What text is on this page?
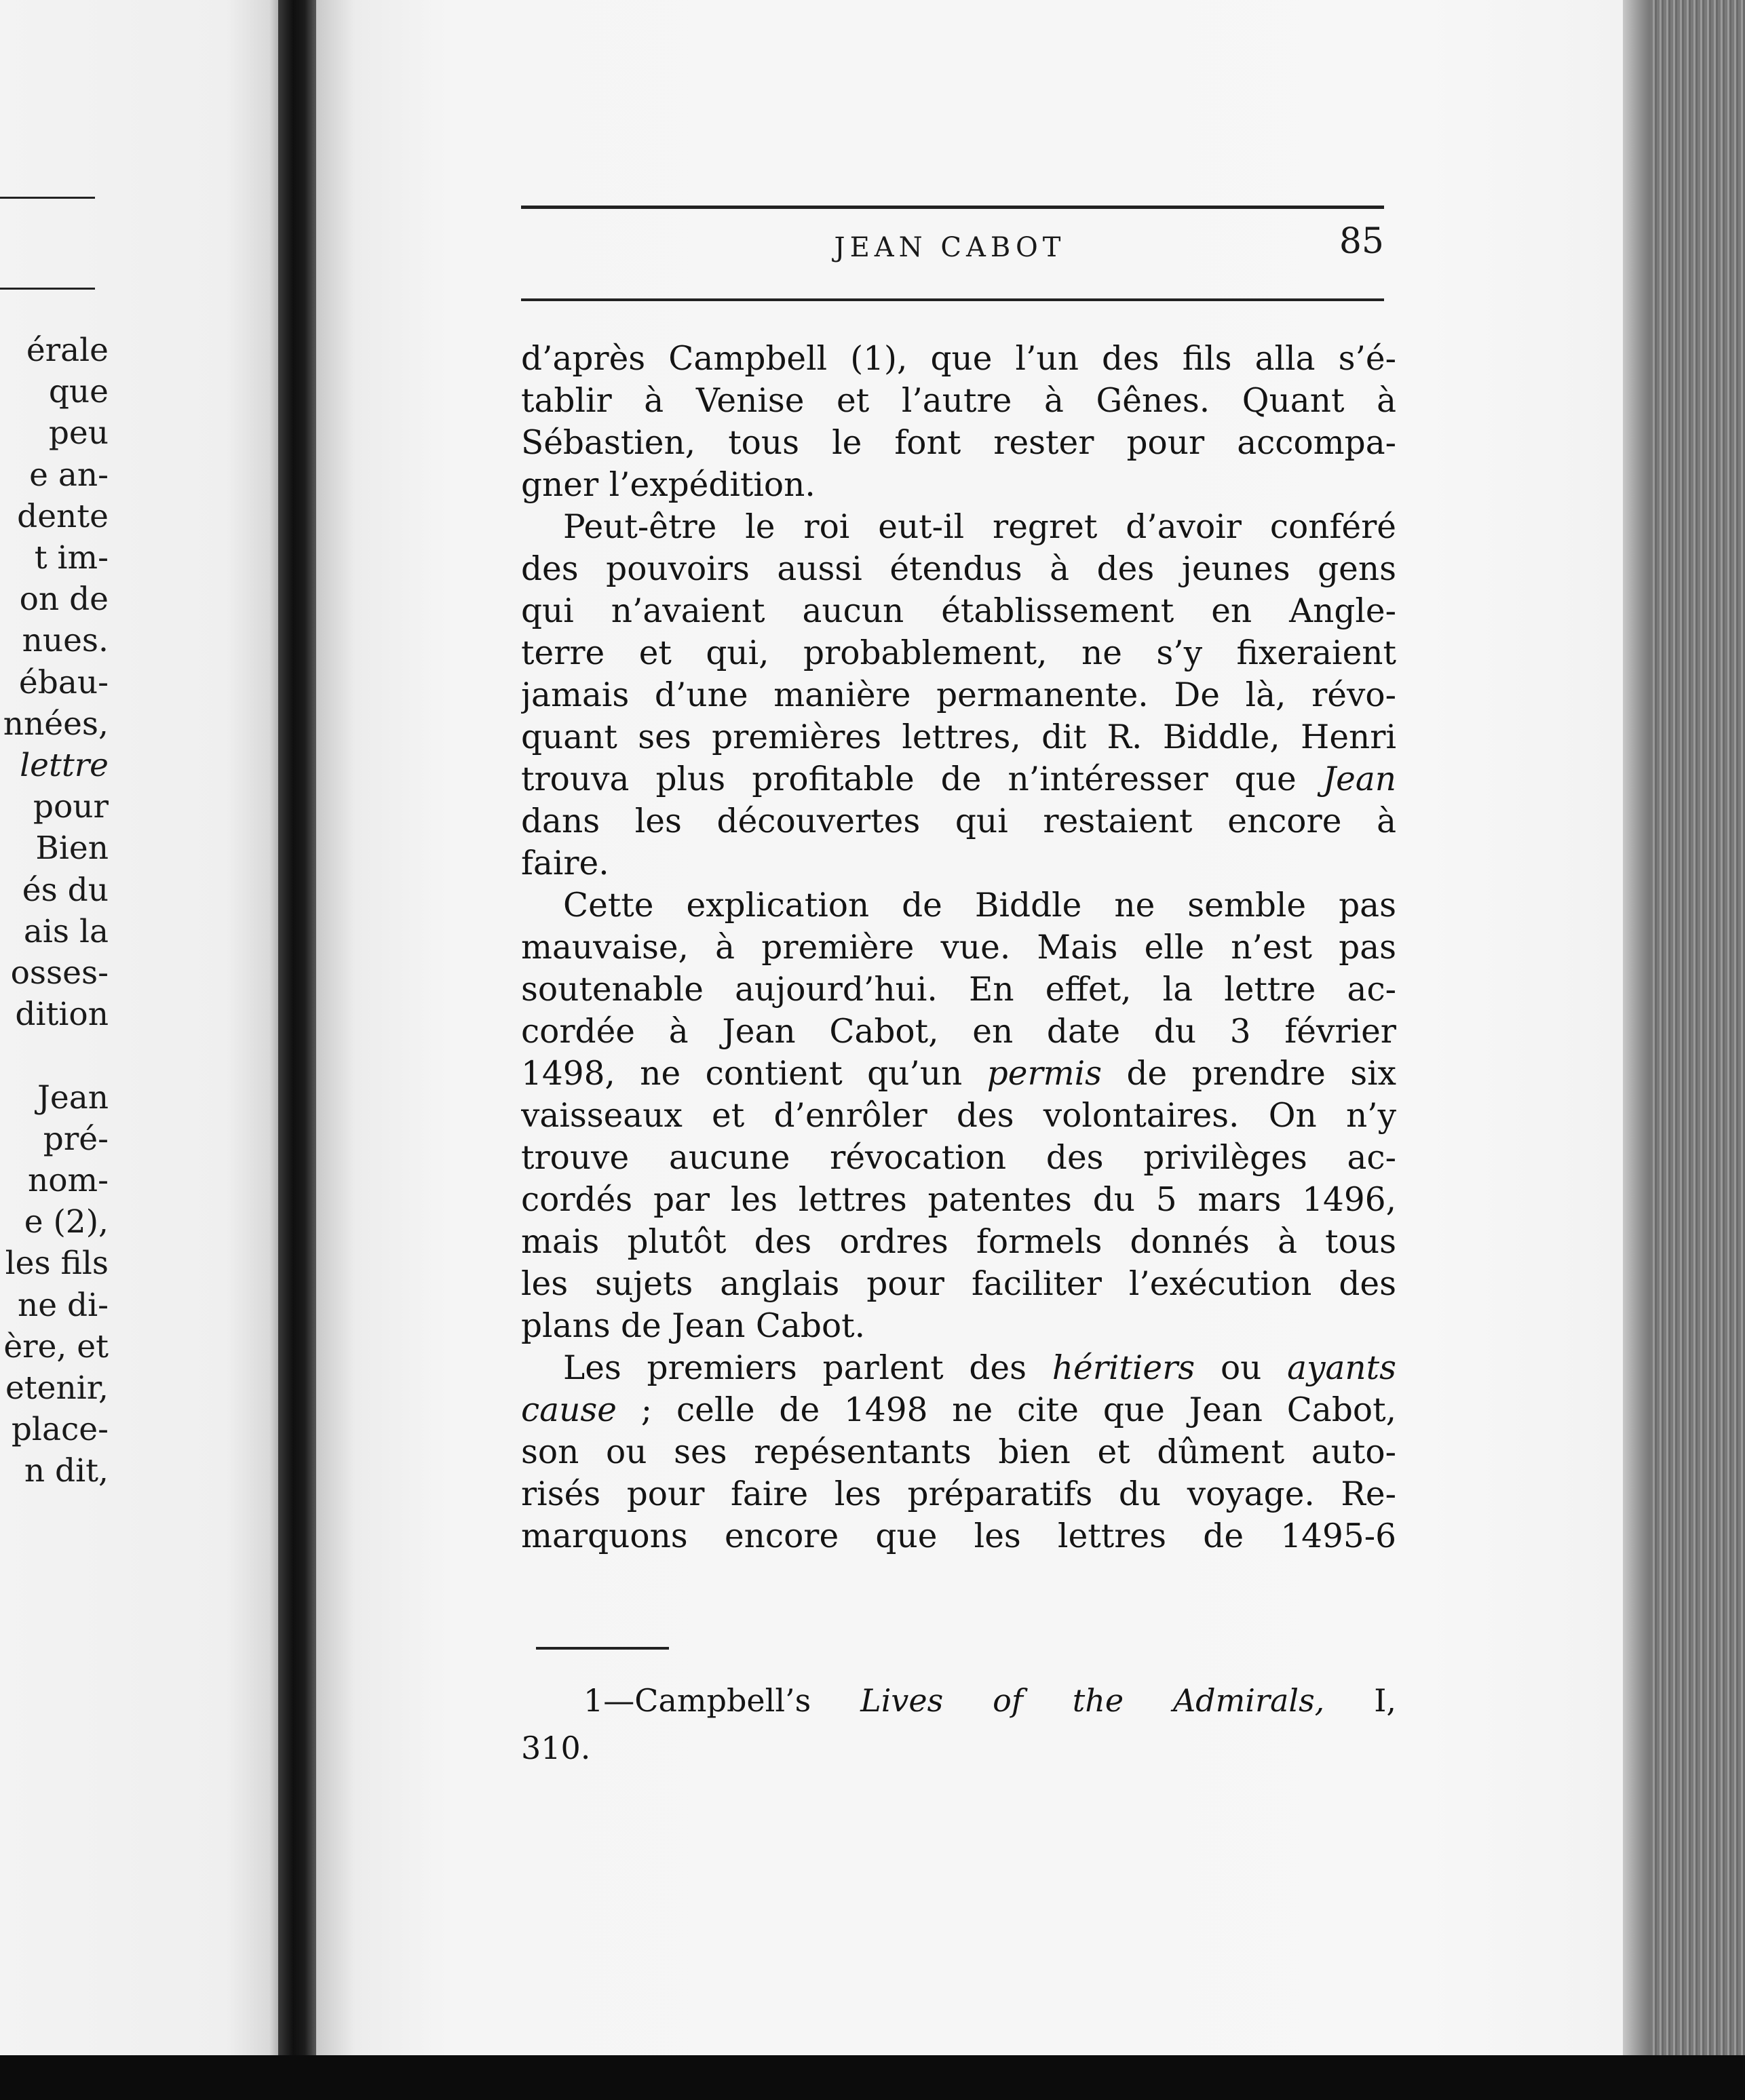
érale
que
peu
e an-
dente
t im-
on de
nues.
ébau-
nnées,
lettre
pour
Bien
és du
ais la
osses-
dition
Jean
pré-
nom-
e (2),
les fils
ne di-
ère, et
etenir,
place-
n dit,
JEAN CABOT	85
d’après Campbell (1), que l’un des fils alla s’é-
tablir à Venise et l’autre à Gênes. Quant à
Sébastien, tous le font rester pour accompa-
gner l’expédition.
Peut-être le roi eut-il regret d’avoir conféré
des pouvoirs aussi étendus à des jeunes gens
qui n’avaient aucun établissement en Angle-
terre et qui, probablement, ne s’y fixeraient
jamais d’une manière permanente. De là, révo-
quant ses premières lettres, dit R. Biddle, Henri
trouva plus profitable de n’intéresser que Jean
dans les découvertes qui restaient encore à
faire.
Cette explication de Biddle ne semble pas
mauvaise, à première vue. Mais elle n’est pas
soutenable aujourd’hui. En effet, la lettre ac-
cordée à Jean Cabot, en date du 3 février
1498, ne contient qu’un permis de prendre six
vaisseaux et d’enrôler des volontaires. On n’y
trouve aucune révocation des privilèges ac-
cordés par les lettres patentes du 5 mars 1496,
mais plutôt des ordres formels donnés à tous
les sujets anglais pour faciliter l’exécution des
plans de Jean Cabot.
Les premiers parlent des héritiers ou ayants
cause ; celle de 1498 ne cite que Jean Cabot,
son ou ses repésentants bien et dûment auto-
risés pour faire les préparatifs du voyage. Re-
marquons encore que les lettres de 1495-6
1—Campbell’s Lives of the Admirals, I,
310.
